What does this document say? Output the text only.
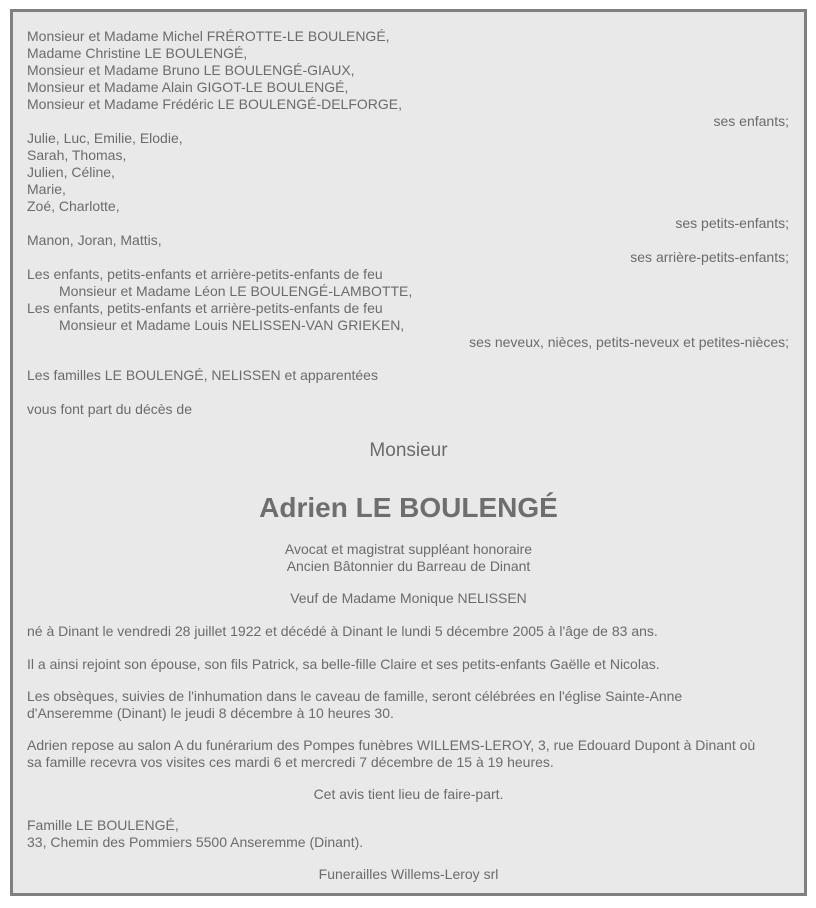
Monsieur et Madame Michel FRÉROTTE-LE BOULENGÉ,
Madame Christine LE BOULENGÉ,
Monsieur et Madame Bruno LE BOULENGÉ-GIAUX,
Monsieur et Madame Alain GIGOT-LE BOULENGÉ,
Monsieur et Madame Frédéric LE BOULENGÉ-DELFORGE,
ses enfants;
Julie, Luc, Emilie, Elodie,
Sarah, Thomas,
Julien, Céline,
Marie,
Zoé, Charlotte,
ses petits-enfants;
Manon, Joran, Mattis,
ses arrière-petits-enfants;
Les enfants, petits-enfants et arrière-petits-enfants de feu
Monsieur et Madame Léon LE BOULENGÉ-LAMBOTTE,
Les enfants, petits-enfants et arrière-petits-enfants de feu
Monsieur et Madame Louis NELISSEN-VAN GRIEKEN,
ses neveux, nièces, petits-neveux et petites-nièces;
Les familles LE BOULENGÉ, NELISSEN et apparentées
vous font part du décès de
Monsieur
Adrien LE BOULENGÉ
Avocat et magistrat suppléant honoraire
Ancien Bâtonnier du Barreau de Dinant
Veuf de Madame Monique NELISSEN
né à Dinant le vendredi 28 juillet 1922 et décédé à Dinant le lundi 5 décembre 2005 à l'âge de 83 ans.
Il a ainsi rejoint son épouse, son fils Patrick, sa belle-fille Claire et ses petits-enfants Gaëlle et Nicolas.
Les obsèques, suivies de l'inhumation dans le caveau de famille, seront célébrées en l'église Sainte-Anne
d'Anseremme (Dinant) le jeudi 8 décembre à 10 heures 30.
Adrien repose au salon A du funérarium des Pompes funèbres WILLEMS-LEROY, 3, rue Edouard Dupont à Dinant où
sa famille recevra vos visites ces mardi 6 et mercredi 7 décembre de 15 à 19 heures.
Cet avis tient lieu de faire-part.
Famille LE BOULENGÉ,
33, Chemin des Pommiers 5500 Anseremme (Dinant).
Funerailles Willems-Leroy srl
